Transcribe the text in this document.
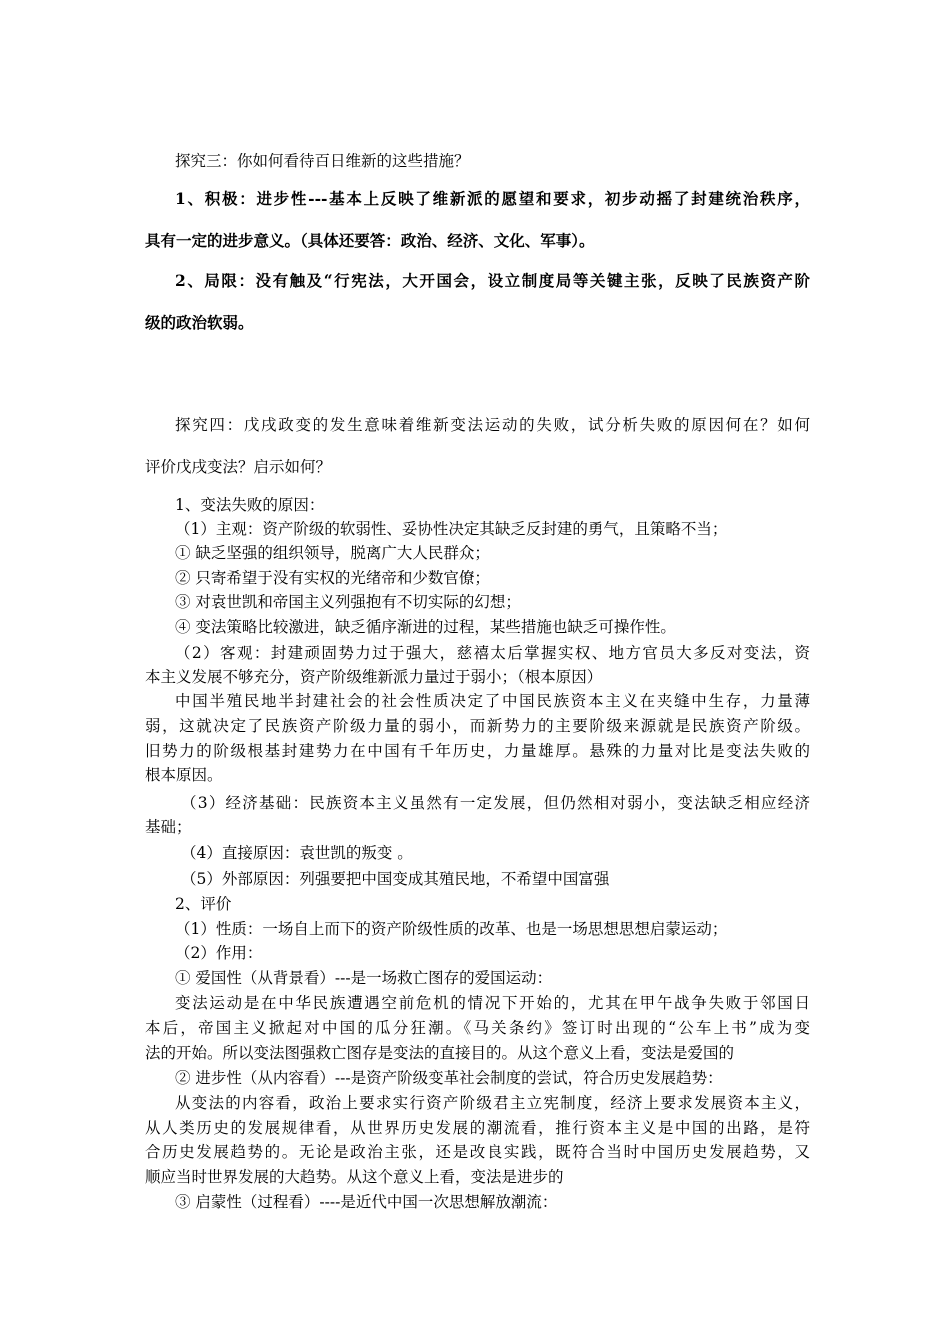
探究三：你如何看待百日维新的这些措施？
1、积极：进步性---基本上反映了维新派的愿望和要求，初步动摇了封建统治秩序，
具有一定的进步意义。（具体还要答：政治、经济、文化、军事）。
2、局限：没有触及“行宪法，大开国会，设立制度局等关键主张，反映了民族资产阶
级的政治软弱。
探究四：戊戌政变的发生意味着维新变法运动的失败，试分析失败的原因何在？如何
评价戊戌变法？启示如何？
1、变法失败的原因：
（1）主观：资产阶级的软弱性、妥协性决定其缺乏反封建的勇气，且策略不当；
① 缺乏坚强的组织领导，脱离广大人民群众；
② 只寄希望于没有实权的光绪帝和少数官僚；
③ 对袁世凯和帝国主义列强抱有不切实际的幻想；
④ 变法策略比较激进，缺乏循序渐进的过程，某些措施也缺乏可操作性。
（2）客观：封建顽固势力过于强大，慈禧太后掌握实权、地方官员大多反对变法，资
本主义发展不够充分，资产阶级维新派力量过于弱小；（根本原因）
中国半殖民地半封建社会的社会性质决定了中国民族资本主义在夹缝中生存，力量薄
弱，这就决定了民族资产阶级力量的弱小，而新势力的主要阶级来源就是民族资产阶级。
旧势力的阶级根基封建势力在中国有千年历史，力量雄厚。悬殊的力量对比是变法失败的
根本原因。
（3）经济基础：民族资本主义虽然有一定发展，但仍然相对弱小，变法缺乏相应经济
基础；
（4）直接原因：袁世凯的叛变 。
（5）外部原因：列强要把中国变成其殖民地，不希望中国富强
2、评价
（1）性质：一场自上而下的资产阶级性质的改革、也是一场思想思想启蒙运动；
（2）作用：
① 爱国性（从背景看）---是一场救亡图存的爱国运动：
变法运动是在中华民族遭遇空前危机的情况下开始的，尤其在甲午战争失败于邻国日
本后，帝国主义掀起对中国的瓜分狂潮。《马关条约》签订时出现的“公车上书”成为变
法的开始。所以变法图强救亡图存是变法的直接目的。从这个意义上看，变法是爱国的
② 进步性（从内容看）---是资产阶级变革社会制度的尝试，符合历史发展趋势：
从变法的内容看，政治上要求实行资产阶级君主立宪制度，经济上要求发展资本主义，
从人类历史的发展规律看，从世界历史发展的潮流看，推行资本主义是中国的出路，是符
合历史发展趋势的。无论是政治主张，还是改良实践，既符合当时中国历史发展趋势，又
顺应当时世界发展的大趋势。从这个意义上看，变法是进步的
③ 启蒙性（过程看）----是近代中国一次思想解放潮流：
